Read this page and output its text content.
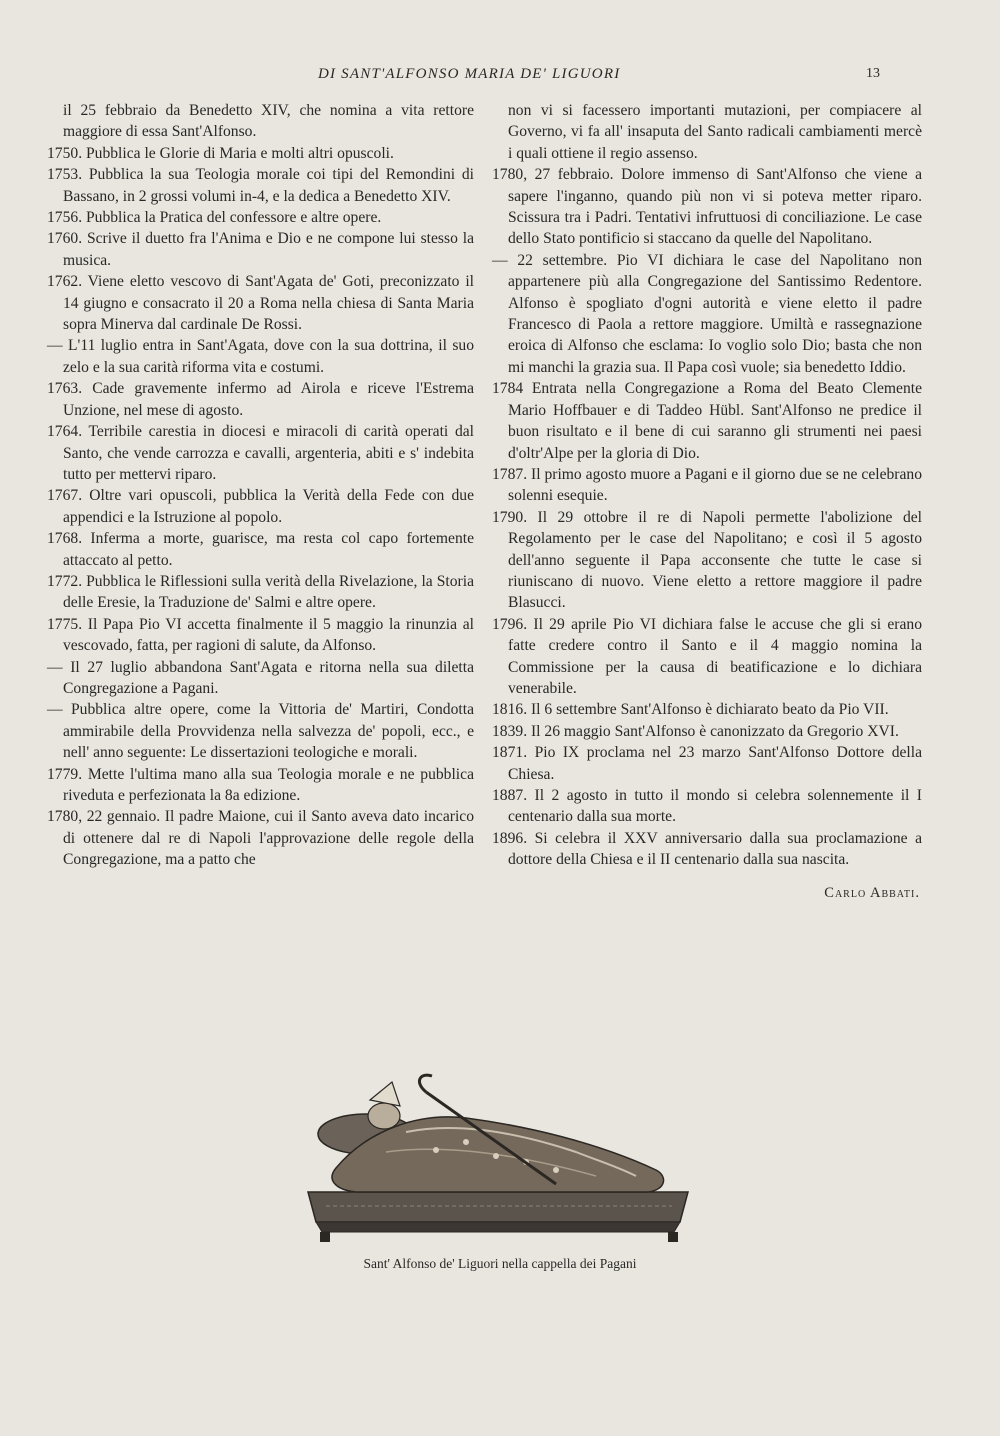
DI SANT'ALFONSO MARIA DE' LIGUORI	13

il 25 febbraio da Benedetto XIV, che nomina a vita rettore maggiore di essa Sant'Alfonso.

1750. Pubblica le Glorie di Maria e molti altri opuscoli.

1753. Pubblica la sua Teologia morale coi tipi del Remondini di Bassano, in 2 grossi volumi in-4, e la dedica a Benedetto XIV.

1756. Pubblica la Pratica del confessore e altre opere.

1760. Scrive il duetto fra l'Anima e Dio e ne compone lui stesso la musica.

1762. Viene eletto vescovo di Sant'Agata de' Goti, preconizzato il 14 giugno e consacrato il 20 a Roma nella chiesa di Santa Maria sopra Minerva dal cardinale De Rossi.

— L'11 luglio entra in Sant'Agata, dove con la sua dottrina, il suo zelo e la sua carità riforma vita e costumi.

1763. Cade gravemente infermo ad Airola e riceve l'Estrema Unzione, nel mese di agosto.

1764. Terribile carestia in diocesi e miracoli di carità operati dal Santo, che vende carrozza e cavalli, argenteria, abiti e s' indebita tutto per mettervi riparo.

1767. Oltre vari opuscoli, pubblica la Verità della Fede con due appendici e la Istruzione al popolo.

1768. Inferma a morte, guarisce, ma resta col capo fortemente attaccato al petto.

1772. Pubblica le Riflessioni sulla verità della Rivelazione, la Storia delle Eresie, la Traduzione de' Salmi e altre opere.

1775. Il Papa Pio VI accetta finalmente il 5 maggio la rinunzia al vescovado, fatta, per ragioni di salute, da Alfonso.

— Il 27 luglio abbandona Sant'Agata e ritorna nella sua diletta Congregazione a Pagani.

— Pubblica altre opere, come la Vittoria de' Martiri, Condotta ammirabile della Provvidenza nella salvezza de' popoli, ecc., e nell' anno seguente: Le dissertazioni teologiche e morali.

1779. Mette l'ultima mano alla sua Teologia morale e ne pubblica riveduta e perfezionata la 8a edizione.

1780, 22 gennaio. Il padre Maione, cui il Santo aveva dato incarico di ottenere dal re di Napoli l'approvazione delle regole della Congregazione, ma a patto che

non vi si facessero importanti mutazioni, per compiacere al Governo, vi fa all' insaputa del Santo radicali cambiamenti mercè i quali ottiene il regio assenso.

1780, 27 febbraio. Dolore immenso di Sant'Alfonso che viene a sapere l'inganno, quando più non vi si poteva metter riparo. Scissura tra i Padri. Tentativi infruttuosi di conciliazione. Le case dello Stato pontificio si staccano da quelle del Napolitano.

— 22 settembre. Pio VI dichiara le case del Napolitano non appartenere più alla Congregazione del Santissimo Redentore. Alfonso è spogliato d'ogni autorità e viene eletto il padre Francesco di Paola a rettore maggiore. Umiltà e rassegnazione eroica di Alfonso che esclama: Io voglio solo Dio; basta che non mi manchi la grazia sua. Il Papa così vuole; sia benedetto Iddio.

1784 Entrata nella Congregazione a Roma del Beato Clemente Mario Hoffbauer e di Taddeo Hübl. Sant'Alfonso ne predice il buon risultato e il bene di cui saranno gli strumenti nei paesi d'oltr'Alpe per la gloria di Dio.

1787. Il primo agosto muore a Pagani e il giorno due se ne celebrano solenni esequie.

1790. Il 29 ottobre il re di Napoli permette l'abolizione del Regolamento per le case del Napolitano; e così il 5 agosto dell'anno seguente il Papa acconsente che tutte le case si riuniscano di nuovo. Viene eletto a rettore maggiore il padre Blasucci.

1796. Il 29 aprile Pio VI dichiara false le accuse che gli si erano fatte credere contro il Santo e il 4 maggio nomina la Commissione per la causa di beatificazione e lo dichiara venerabile.

1816. Il 6 settembre Sant'Alfonso è dichiarato beato da Pio VII.

1839. Il 26 maggio Sant'Alfonso è canonizzato da Gregorio XVI.

1871. Pio IX proclama nel 23 marzo Sant'Alfonso Dottore della Chiesa.

1887. Il 2 agosto in tutto il mondo si celebra solennemente il I centenario dalla sua morte.

1896. Si celebra il XXV anniversario dalla sua proclamazione a dottore della Chiesa e il II centenario dalla sua nascita.

Carlo Abbati.
Sant' Alfonso de' Liguori nella cappella dei Pagani
